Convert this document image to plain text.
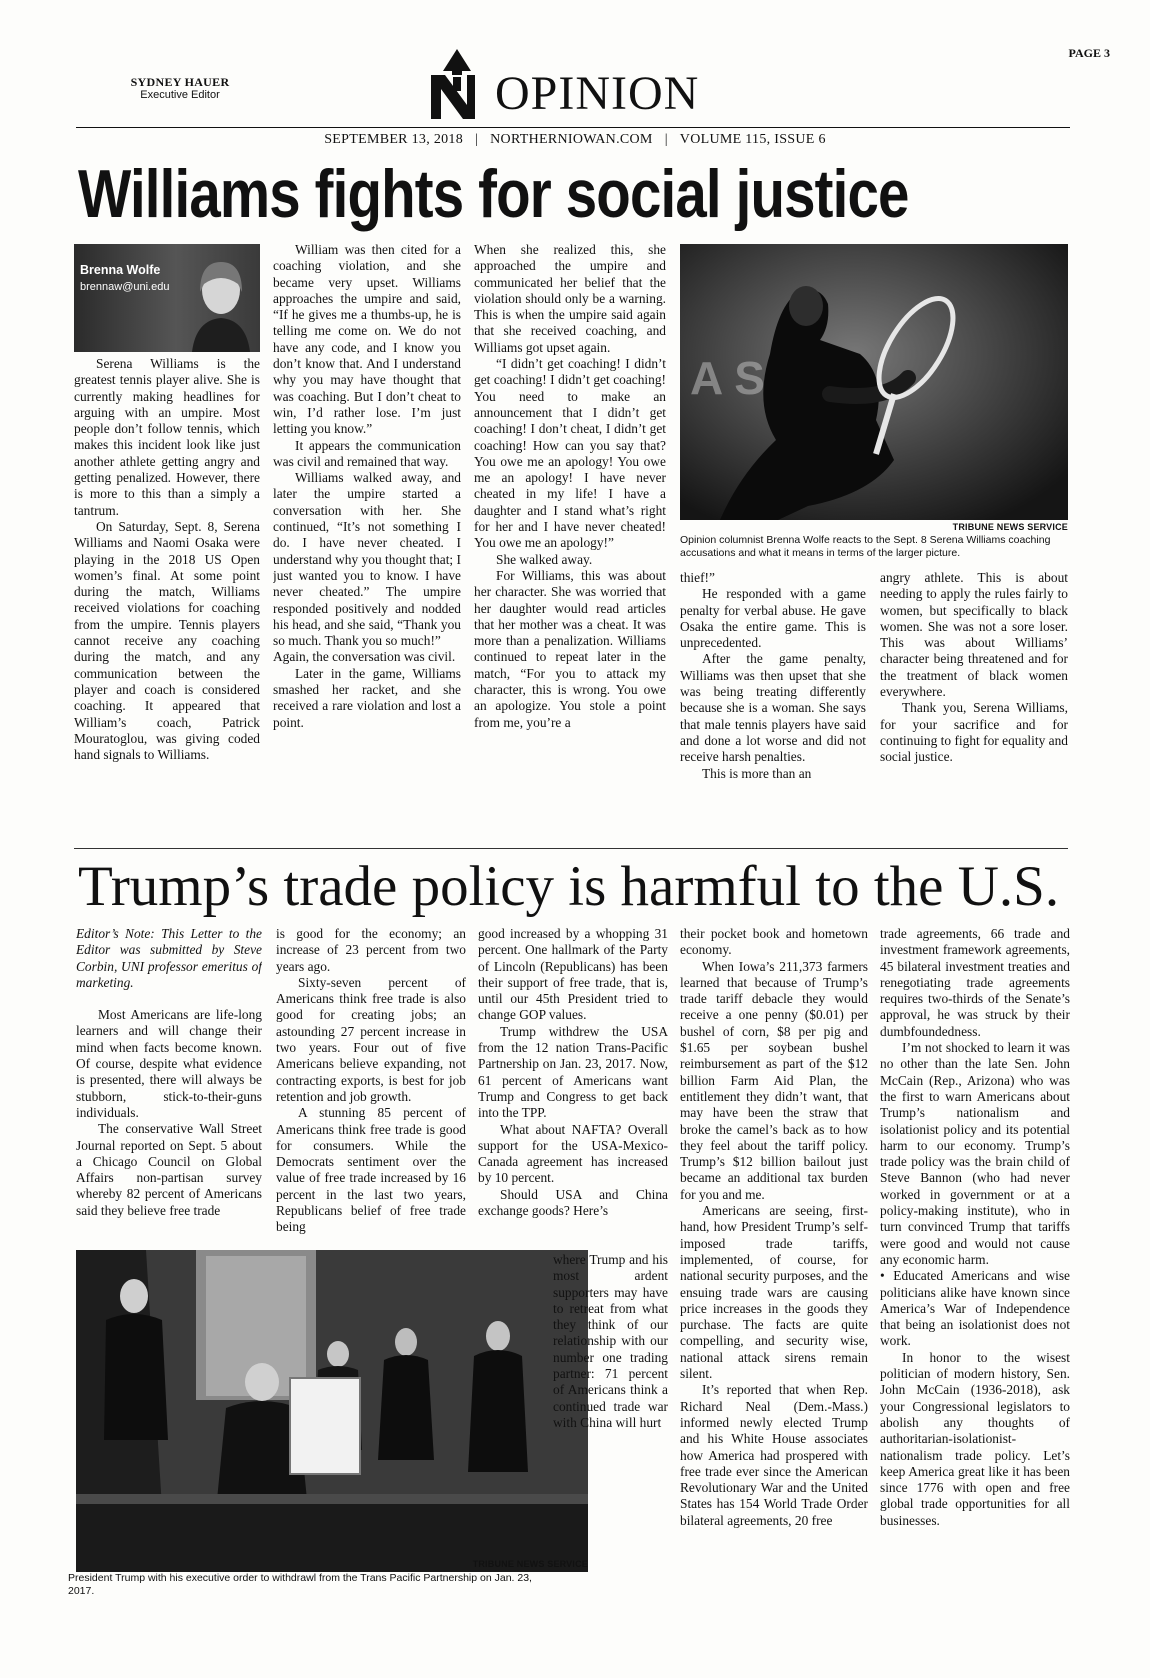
PAGE 3
SYDNEY HAUER
Executive Editor	OPINION
SEPTEMBER 13, 2018 | NORTHERNIOWAN.COM | VOLUME 115, ISSUE 6
Williams fights for social justice
Brenna Wolfe
brennaw@uni.edu

Serena Williams is the greatest tennis player alive. She is currently making headlines for arguing with an umpire. Most people don’t follow tennis, which makes this incident look like just another athlete getting angry and getting penalized. However, there is more to this than a simply a tantrum.

On Saturday, Sept. 8, Serena Williams and Naomi Osaka were playing in the 2018 US Open women’s final. At some point during the match, Williams received violations for coaching from the umpire. Tennis players cannot receive any coaching during the match, and any communication between the player and coach is considered coaching. It appeared that William’s coach, Patrick Mouratoglou, was giving coded hand signals to Williams.

William was then cited for a coaching violation, and she became very upset. Williams approaches the umpire and said, “If he gives me a thumbs-up, he is telling me come on. We do not have any code, and I know you don’t know that. And I understand why you may have thought that was coaching. But I don’t cheat to win, I’d rather lose. I’m just letting you know.”

It appears the communication was civil and remained that way.

Williams walked away, and later the umpire started a conversation with her. She continued, “It’s not something I do. I have never cheated. I understand why you thought that; I just wanted you to know. I have never cheated.” The umpire responded positively and nodded his head, and she said, “Thank you so much. Thank you so much!”

Again, the conversation was civil.

Later in the game, Williams smashed her racket, and she received a rare violation and lost a point.

When she realized this, she approached the umpire and communicated her belief that the violation should only be a warning. This is when the umpire said again that she received coaching, and Williams got upset again.

“I didn’t get coaching! I didn’t get coaching! I didn’t get coaching! You need to make an announcement that I didn’t get coaching! I don’t cheat, I didn’t get coaching! How can you say that? You owe me an apology! You owe me an apology! I have never cheated in my life! I have a daughter and I stand what’s right for her and I have never cheated! You owe me an apology!”

She walked away.

For Williams, this was about her character. She was worried that her daughter would read articles that her mother was a cheat. It was more than a penalization. Williams continued to repeat later in the match, “For you to attack my character, this is wrong. You owe an apologize. You stole a point from me, you’re a

A S
TRIBUNE NEWS SERVICE
Opinion columnist Brenna Wolfe reacts to the Sept. 8 Serena Williams coaching accusations and what it means in terms of the larger picture.

thief!”

He responded with a game penalty for verbal abuse. He gave Osaka the entire game. This is unprecedented.

After the game penalty, Williams was then upset that she was being treating differently because she is a woman. She says that male tennis players have said and done a lot worse and did not receive harsh penalties.

This is more than an

angry athlete. This is about needing to apply the rules fairly to women, but specifically to black women. She was not a sore loser. This was about Williams’ character being threatened and for the treatment of black women everywhere.

Thank you, Serena Williams, for your sacrifice and for continuing to fight for equality and social justice.

Trump’s trade policy is harmful to the U.S.

Editor’s Note: This Letter to the Editor was submitted by Steve Corbin, UNI professor emeritus of marketing.

Most Americans are life-long learners and will change their mind when facts become known. Of course, despite what evidence is presented, there will always be stubborn, stick-to-their-guns individuals.

The conservative Wall Street Journal reported on Sept. 5 about a Chicago Council on Global Affairs non-partisan survey whereby 82 percent of Americans said they believe free trade

is good for the economy; an increase of 23 percent from two years ago.

Sixty-seven percent of Americans think free trade is also good for creating jobs; an astounding 27 percent increase in two years. Four out of five Americans believe expanding, not contracting exports, is best for job retention and job growth.

A stunning 85 percent of Americans think free trade is good for consumers. While the Democrats sentiment over the value of free trade increased by 16 percent in the last two years, Republicans belief of free trade being

good increased by a whopping 31 percent. One hallmark of the Party of Lincoln (Republicans) has been their support of free trade, that is, until our 45th President tried to change GOP values.

Trump withdrew the USA from the 12 nation Trans-Pacific Partnership on Jan. 23, 2017. Now, 61 percent of Americans want Trump and Congress to get back into the TPP.

What about NAFTA? Overall support for the USA-Mexico-Canada agreement has increased by 10 percent.

Should USA and China exchange goods? Here’s

TRIBUNE NEWS SERVICE
President Trump with his executive order to withdrawl from the Trans Pacific Partnership on Jan. 23, 2017.

where Trump and his most ardent supporters may have to retreat from what they think of our relationship with our number one trading partner: 71 percent of Americans think a continued trade war with China will hurt

their pocket book and hometown economy.

When Iowa’s 211,373 farmers learned that because of Trump’s trade tariff debacle they would receive a one penny ($0.01) per bushel of corn, $8 per pig and $1.65 per soybean bushel reimbursement as part of the $12 billion Farm Aid Plan, the entitlement they didn’t want, that may have been the straw that broke the camel’s back as to how they feel about the tariff policy. Trump’s $12 billion bailout just became an additional tax burden for you and me.

Americans are seeing, first-hand, how President Trump’s self-imposed trade tariffs, implemented, of course, for national security purposes, and the ensuing trade wars are causing price increases in the goods they purchase. The facts are quite compelling, and security wise, national attack sirens remain silent.

It’s reported that when Rep. Richard Neal (Dem.-Mass.) informed newly elected Trump and his White House associates how America had prospered with free trade ever since the American Revolutionary War and the United States has 154 World Trade Order bilateral agreements, 20 free

trade agreements, 66 trade and investment framework agreements, 45 bilateral investment treaties and renegotiating trade agreements requires two-thirds of the Senate’s approval, he was struck by their dumbfoundedness.

I’m not shocked to learn it was no other than the late Sen. John McCain (Rep., Arizona) who was the first to warn Americans about Trump’s nationalism and isolationist policy and its potential harm to our economy. Trump’s trade policy was the brain child of Steve Bannon (who had never worked in government or at a policy-making institute), who in turn convinced Trump that tariffs were good and would not cause any economic harm.

• Educated Americans and wise politicians alike have known since America’s War of Independence that being an isolationist does not work.

In honor to the wisest politician of modern history, Sen. John McCain (1936-2018), ask your Congressional legislators to abolish any thoughts of authoritarian-isolationist-nationalism trade policy. Let’s keep America great like it has been since 1776 with open and free global trade opportunities for all businesses.
